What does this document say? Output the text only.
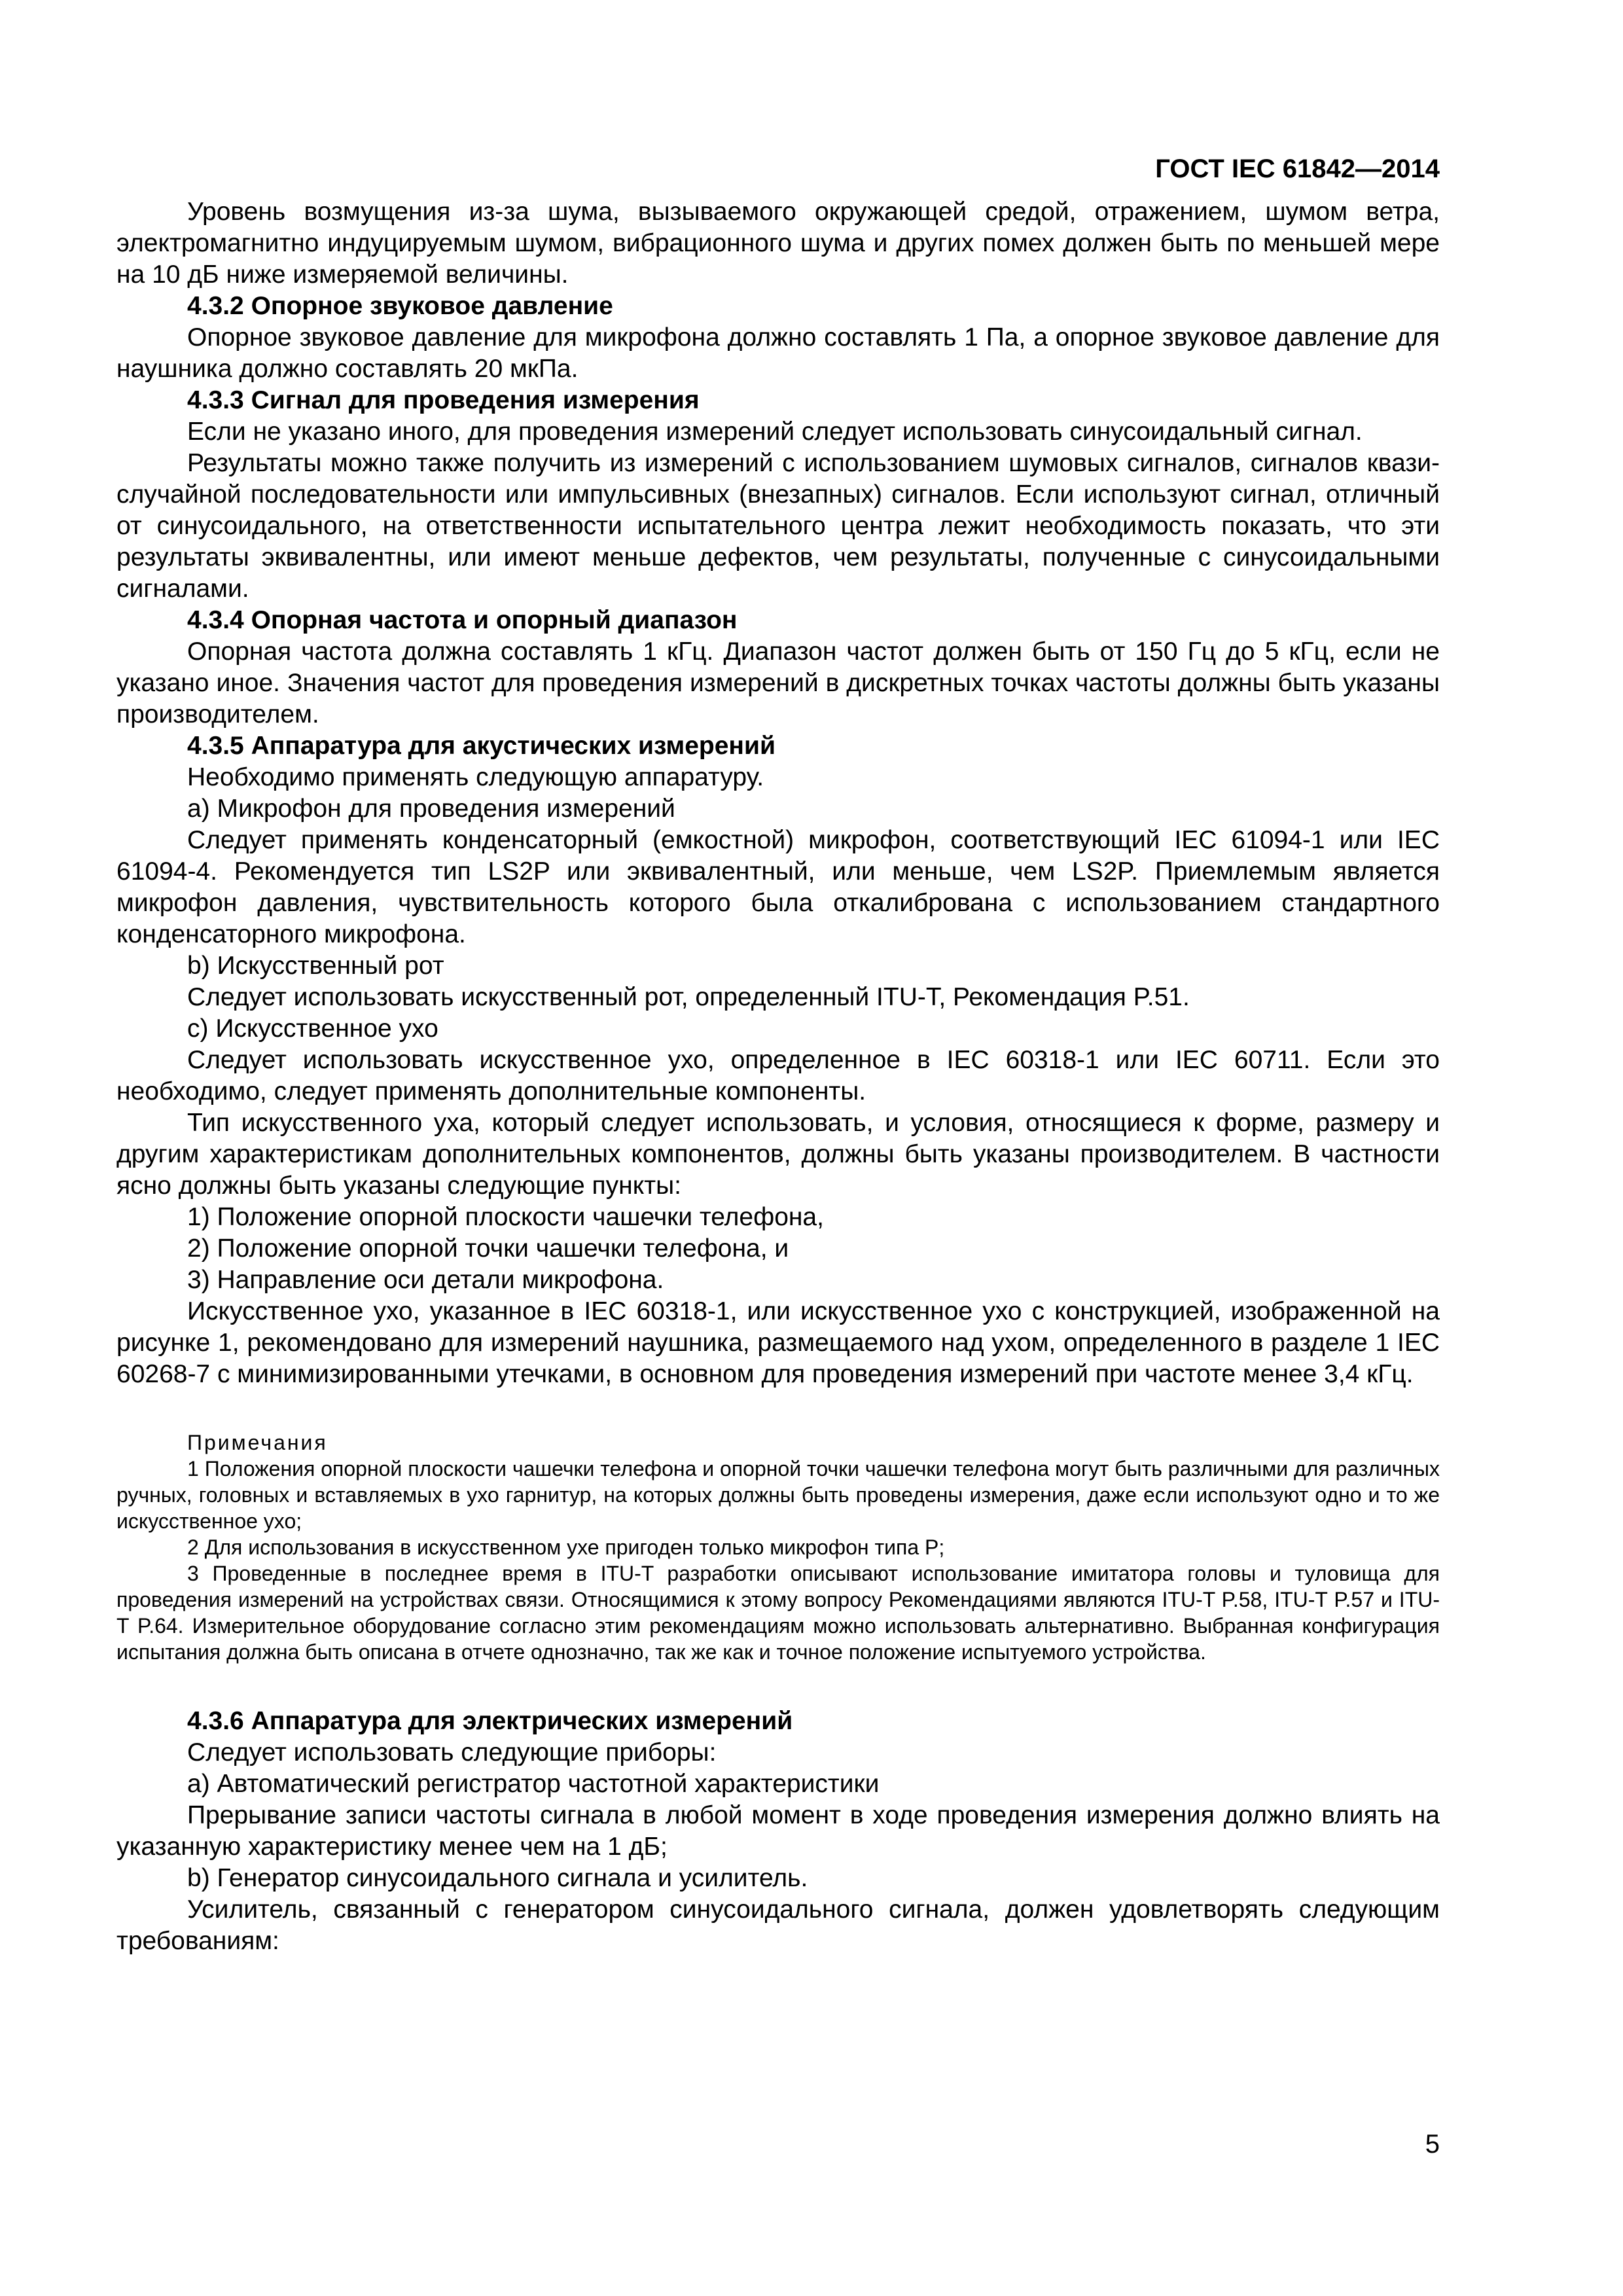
ГОСТ IEC 61842—2014

Уровень возмущения из-за шума, вызываемого окружающей средой, отражением, шумом ветра, электромагнитно индуцируемым шумом, вибрационного шума и других помех должен быть по меньшей мере на 10 дБ ниже измеряемой величины.

4.3.2 Опорное звуковое давление

Опорное звуковое давление для микрофона должно составлять 1 Па, а опорное звуковое давление для наушника должно составлять 20 мкПа.

4.3.3 Сигнал для проведения измерения

Если не указано иного, для проведения измерений следует использовать синусоидальный сигнал.

Результаты можно также получить из измерений с использованием шумовых сигналов, сигналов квази-случайной последовательности или импульсивных (внезапных) сигналов. Если используют сигнал, отличный от синусоидального, на ответственности испытательного центра лежит необходимость показать, что эти результаты эквивалентны, или имеют меньше дефектов, чем результаты, полученные с синусоидальными сигналами.

4.3.4 Опорная частота и опорный диапазон

Опорная частота должна составлять 1 кГц. Диапазон частот должен быть от 150 Гц до 5 кГц, если не указано иное. Значения частот для проведения измерений в дискретных точках частоты должны быть указаны производителем.

4.3.5 Аппаратура для акустических измерений

Необходимо применять следующую аппаратуру.

a) Микрофон для проведения измерений

Следует применять конденсаторный (емкостной) микрофон, соответствующий IEC 61094-1 или IEC 61094-4. Рекомендуется тип LS2P или эквивалентный, или меньше, чем LS2P. Приемлемым является микрофон давления, чувствительность которого была откалибрована с использованием стандартного конденсаторного микрофона.

b) Искусственный рот

Следует использовать искусственный рот, определенный ITU-T, Рекомендация P.51.

c) Искусственное ухо

Следует использовать искусственное ухо, определенное в IEC 60318-1 или IEC 60711. Если это необходимо, следует применять дополнительные компоненты.

Тип искусственного уха, который следует использовать, и условия, относящиеся к форме, размеру и другим характеристикам дополнительных компонентов, должны быть указаны производителем. В частности ясно должны быть указаны следующие пункты:

1) Положение опорной плоскости чашечки телефона,

2) Положение опорной точки чашечки телефона, и

3) Направление оси детали микрофона.

Искусственное ухо, указанное в IEC 60318-1, или искусственное ухо с конструкцией, изображенной на рисунке 1, рекомендовано для измерений наушника, размещаемого над ухом, определенного в разделе 1 IEC 60268-7 с минимизированными утечками, в основном для проведения измерений при частоте менее 3,4 кГц.

Примечания

1 Положения опорной плоскости чашечки телефона и опорной точки чашечки телефона могут быть различными для различных ручных, головных и вставляемых в ухо гарнитур, на которых должны быть проведены измерения, даже если используют одно и то же искусственное ухо;

2 Для использования в искусственном ухе пригоден только микрофон типа P;

3 Проведенные в последнее время в ITU-T разработки описывают использование имитатора головы и туловища для проведения измерений на устройствах связи. Относящимися к этому вопросу Рекомендациями являются ITU-T P.58, ITU-T P.57 и ITU-T P.64. Измерительное оборудование согласно этим рекомендациям можно использовать альтернативно. Выбранная конфигурация испытания должна быть описана в отчете однозначно, так же как и точное положение испытуемого устройства.

4.3.6 Аппаратура для электрических измерений

Следует использовать следующие приборы:

a) Автоматический регистратор частотной характеристики

Прерывание записи частоты сигнала в любой момент в ходе проведения измерения должно влиять на указанную характеристику менее чем на 1 дБ;

b) Генератор синусоидального сигнала и усилитель.

Усилитель, связанный с генератором синусоидального сигнала, должен удовлетворять следующим требованиям:

5
